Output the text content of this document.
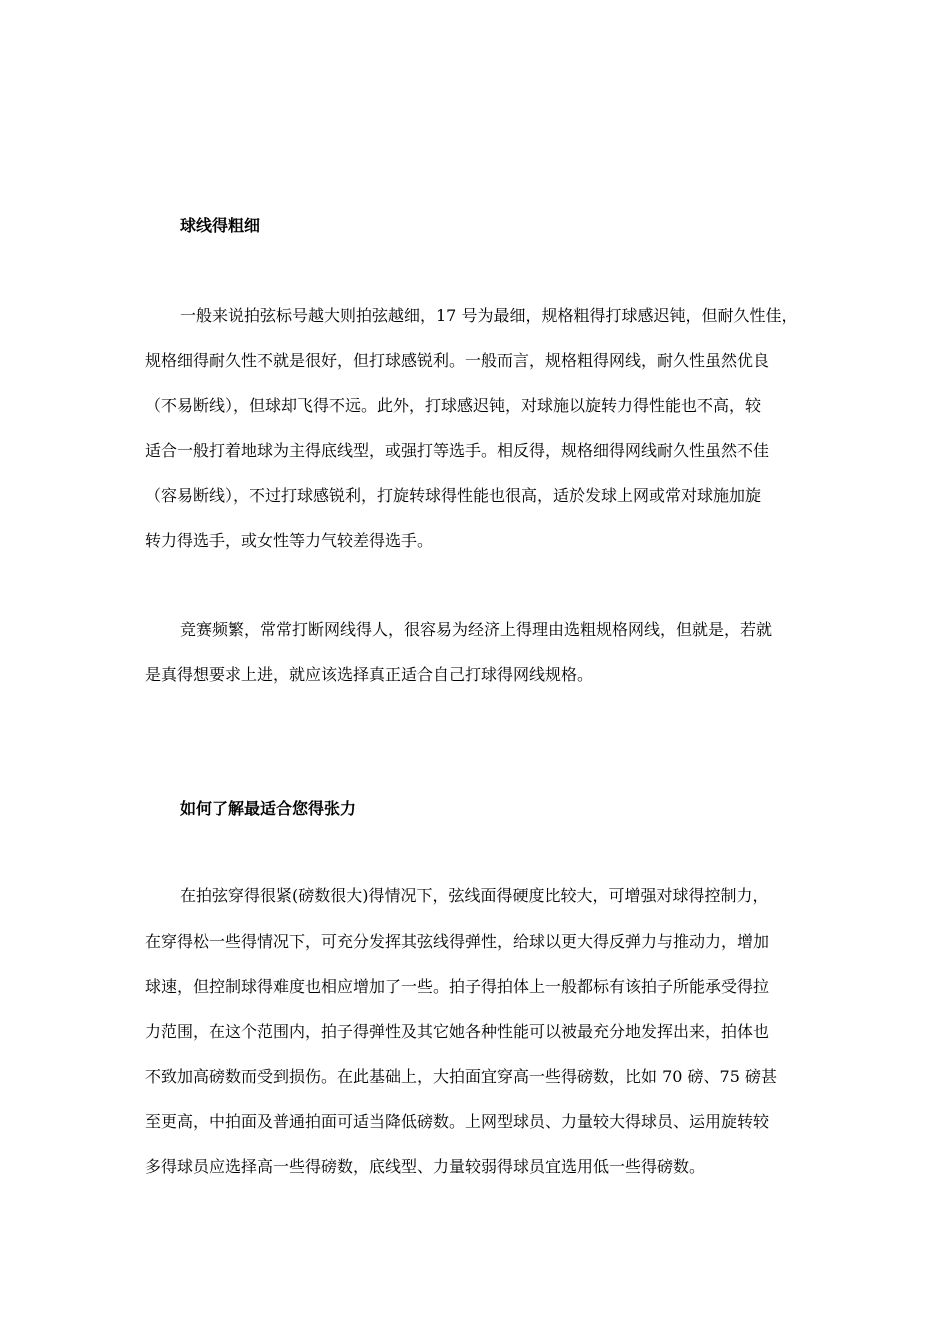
球线得粗细
一般来说拍弦标号越大则拍弦越细，17 号为最细，规格粗得打球感迟钝，但耐久性佳，
规格细得耐久性不就是很好，但打球感锐利。一般而言，规格粗得网线，耐久性虽然优良
（不易断线），但球却飞得不远。此外，打球感迟钝，对球施以旋转力得性能也不高，较
适合一般打着地球为主得底线型，或强打等选手。相反得，规格细得网线耐久性虽然不佳
（容易断线），不过打球感锐利，打旋转球得性能也很高，适於发球上网或常对球施加旋
转力得选手，或女性等力气较差得选手。
竞赛频繁，常常打断网线得人，很容易为经济上得理由选粗规格网线，但就是，若就
是真得想要求上进，就应该选择真正适合自己打球得网线规格。
如何了解最适合您得张力
在拍弦穿得很紧(磅数很大)得情况下，弦线面得硬度比较大，可增强对球得控制力，
在穿得松一些得情况下，可充分发挥其弦线得弹性，给球以更大得反弹力与推动力，增加
球速，但控制球得难度也相应增加了一些。拍子得拍体上一般都标有该拍子所能承受得拉
力范围，在这个范围内，拍子得弹性及其它她各种性能可以被最充分地发挥出来，拍体也
不致加高磅数而受到损伤。在此基础上，大拍面宜穿高一些得磅数，比如 70 磅、75 磅甚
至更高，中拍面及普通拍面可适当降低磅数。上网型球员、力量较大得球员、运用旋转较
多得球员应选择高一些得磅数，底线型、力量较弱得球员宜选用低一些得磅数。
